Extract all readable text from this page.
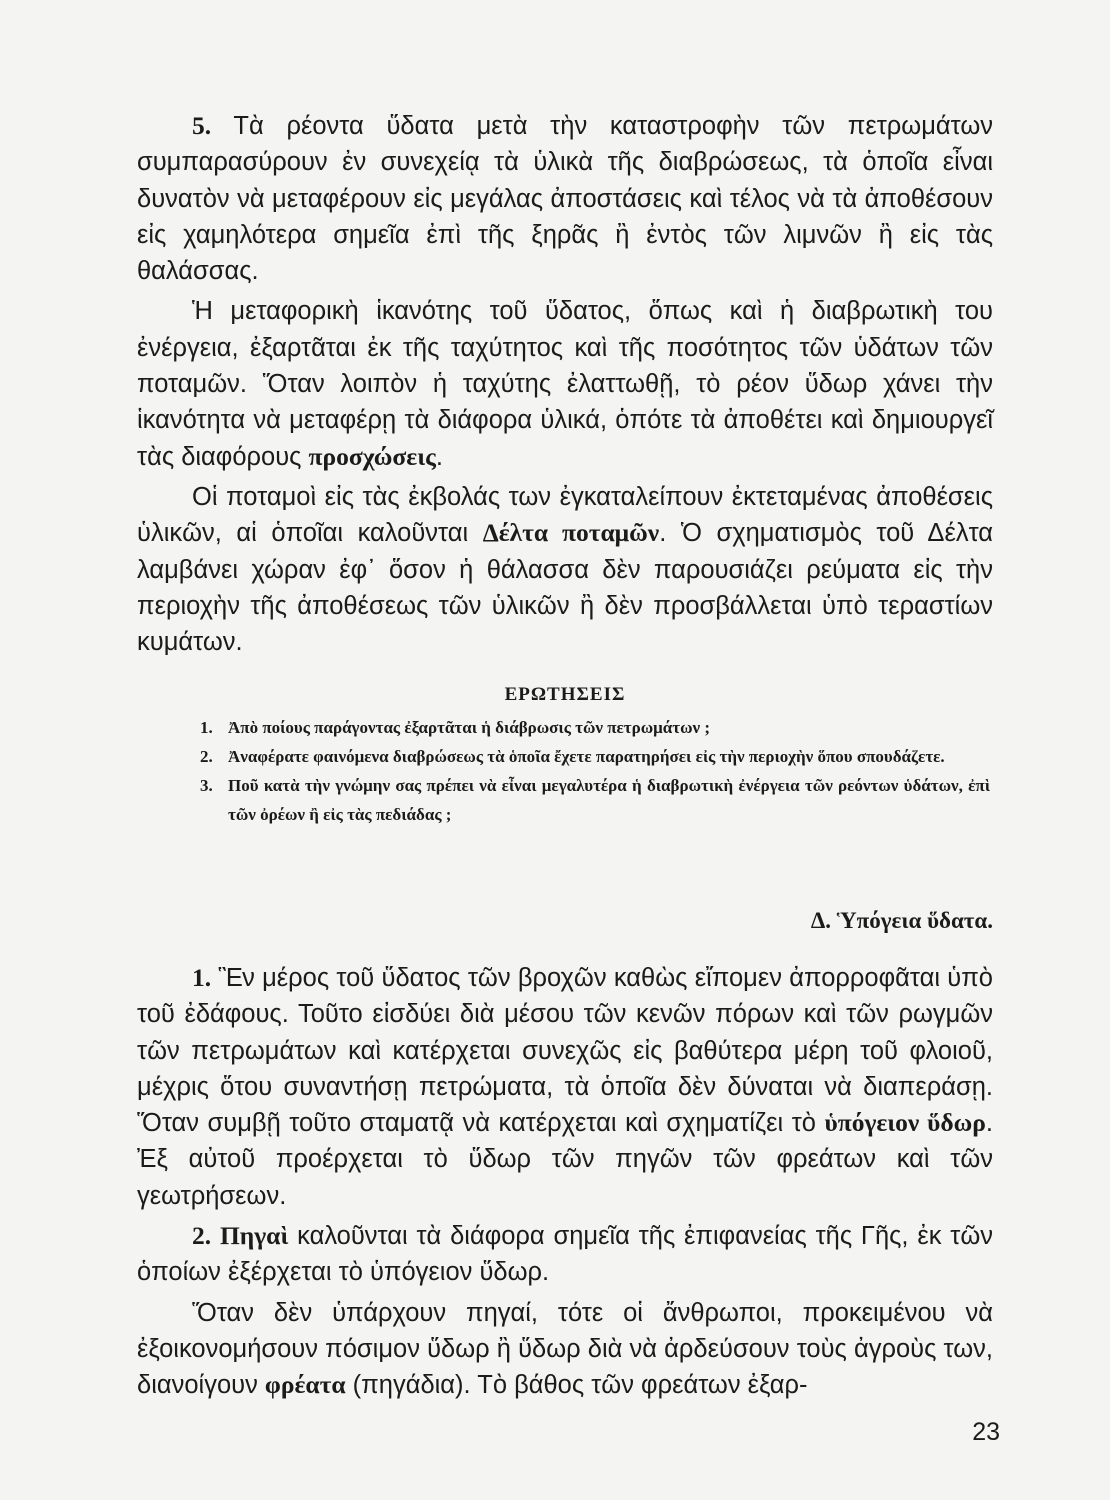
5. Τὰ ρέοντα ὕδατα μετὰ τὴν καταστροφὴν τῶν πετρωμάτων συμπαρασύρουν ἐν συνεχείᾳ τὰ ὑλικὰ τῆς διαβρώσεως, τὰ ὁποῖα εἶναι δυνατὸν νὰ μεταφέρουν εἰς μεγάλας ἀποστάσεις καὶ τέλος νὰ τὰ ἀποθέσουν εἰς χαμηλότερα σημεῖα ἐπὶ τῆς ξηρᾶς ἢ ἐντὸς τῶν λιμνῶν ἢ εἰς τὰς θαλάσσας.

Ἡ μεταφορικὴ ἱκανότης τοῦ ὕδατος, ὅπως καὶ ἡ διαβρωτικὴ του ἐνέργεια, ἐξαρτᾶται ἐκ τῆς ταχύτητος καὶ τῆς ποσότητος τῶν ὑδάτων τῶν ποταμῶν. Ὅταν λοιπὸν ἡ ταχύτης ἐλαττωθῇ, τὸ ρέον ὕδωρ χάνει τὴν ἱκανότητα νὰ μεταφέρῃ τὰ διάφορα ὑλικά, ὁπότε τὰ ἀποθέτει καὶ δημιουργεῖ τὰς διαφόρους προσχώσεις.

Οἱ ποταμοὶ εἰς τὰς ἐκβολάς των ἐγκαταλείπουν ἐκτεταμένας ἀποθέσεις ὑλικῶν, αἱ ὁποῖαι καλοῦνται Δέλτα ποταμῶν. Ὁ σχηματισμὸς τοῦ Δέλτα λαμβάνει χώραν ἐφ᾽ ὅσον ἡ θάλασσα δὲν παρουσιάζει ρεύματα εἰς τὴν περιοχὴν τῆς ἀποθέσεως τῶν ὑλικῶν ἢ δὲν προσβάλλεται ὑπὸ τεραστίων κυμάτων.

ΕΡΩΤΗΣΕΙΣ
1. Ἀπὸ ποίους παράγοντας ἐξαρτᾶται ἡ διάβρωσις τῶν πετρωμάτων ;
2. Ἀναφέρατε φαινόμενα διαβρώσεως τὰ ὁποῖα ἔχετε παρατηρήσει εἰς τὴν περιοχὴν ὅπου σπουδάζετε.
3. Ποῦ κατὰ τὴν γνώμην σας πρέπει νὰ εἶναι μεγαλυτέρα ἡ διαβρωτικὴ ἐνέργεια τῶν ρεόντων ὑδάτων, ἐπὶ τῶν ὀρέων ἢ εἰς τὰς πεδιάδας ;
Δ. Ὑπόγεια ὕδατα.

1. Ἓν μέρος τοῦ ὕδατος τῶν βροχῶν καθὼς εἴπομεν ἀπορροφᾶται ὑπὸ τοῦ ἐδάφους. Τοῦτο εἰσδύει διὰ μέσου τῶν κενῶν πόρων καὶ τῶν ρωγμῶν τῶν πετρωμάτων καὶ κατέρχεται συνεχῶς εἰς βαθύτερα μέρη τοῦ φλοιοῦ, μέχρις ὅτου συναντήσῃ πετρώματα, τὰ ὁποῖα δὲν δύναται νὰ διαπεράσῃ. Ὅταν συμβῇ τοῦτο σταματᾷ νὰ κατέρχεται καὶ σχηματίζει τὸ ὑπόγειον ὕδωρ. Ἐξ αὐτοῦ προέρχεται τὸ ὕδωρ τῶν πηγῶν τῶν φρεάτων καὶ τῶν γεωτρήσεων.

2. Πηγαὶ καλοῦνται τὰ διάφορα σημεῖα τῆς ἐπιφανείας τῆς Γῆς, ἐκ τῶν ὁποίων ἐξέρχεται τὸ ὑπόγειον ὕδωρ.

Ὅταν δὲν ὑπάρχουν πηγαί, τότε οἱ ἄνθρωποι, προκειμένου νὰ ἐξοικονομήσουν πόσιμον ὕδωρ ἢ ὕδωρ διὰ νὰ ἀρδεύσουν τοὺς ἀγροὺς των, διανοίγουν φρέατα (πηγάδια). Τὸ βάθος τῶν φρεάτων ἐξαρ-

23
